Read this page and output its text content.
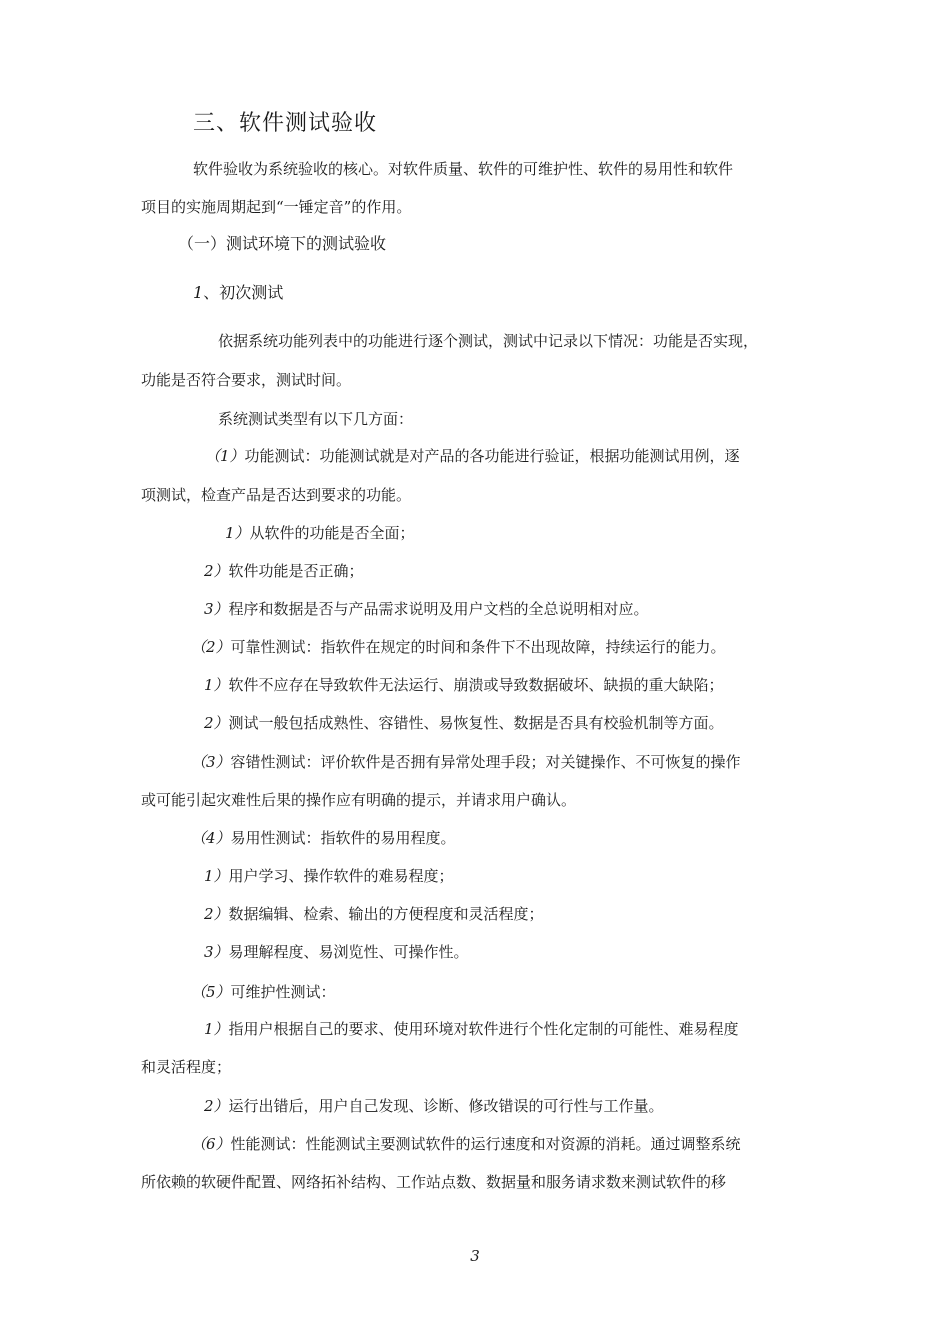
三、软件测试验收
软件验收为系统验收的核心。对软件质量、软件的可维护性、软件的易用性和软件
项目的实施周期起到“一锤定音”的作用。
（一）测试环境下的测试验收
1、初次测试
依据系统功能列表中的功能进行逐个测试，测试中记录以下情况：功能是否实现，
功能是否符合要求，测试时间。
系统测试类型有以下几方面：
（1）功能测试：功能测试就是对产品的各功能进行验证，根据功能测试用例，逐
项测试，检查产品是否达到要求的功能。
1）从软件的功能是否全面；
2）软件功能是否正确；
3）程序和数据是否与产品需求说明及用户文档的全总说明相对应。
（2）可靠性测试：指软件在规定的时间和条件下不出现故障，持续运行的能力。
1）软件不应存在导致软件无法运行、崩溃或导致数据破坏、缺损的重大缺陷；
2）测试一般包括成熟性、容错性、易恢复性、数据是否具有校验机制等方面。
（3）容错性测试：评价软件是否拥有异常处理手段；对关键操作、不可恢复的操作
或可能引起灾难性后果的操作应有明确的提示，并请求用户确认。
（4）易用性测试：指软件的易用程度。
1）用户学习、操作软件的难易程度；
2）数据编辑、检索、输出的方便程度和灵活程度；
3）易理解程度、易浏览性、可操作性。
（5）可维护性测试：
1）指用户根据自己的要求、使用环境对软件进行个性化定制的可能性、难易程度
和灵活程度；
2）运行出错后，用户自己发现、诊断、修改错误的可行性与工作量。
（6）性能测试：性能测试主要测试软件的运行速度和对资源的消耗。通过调整系统
所依赖的软硬件配置、网络拓补结构、工作站点数、数据量和服务请求数来测试软件的移
3
